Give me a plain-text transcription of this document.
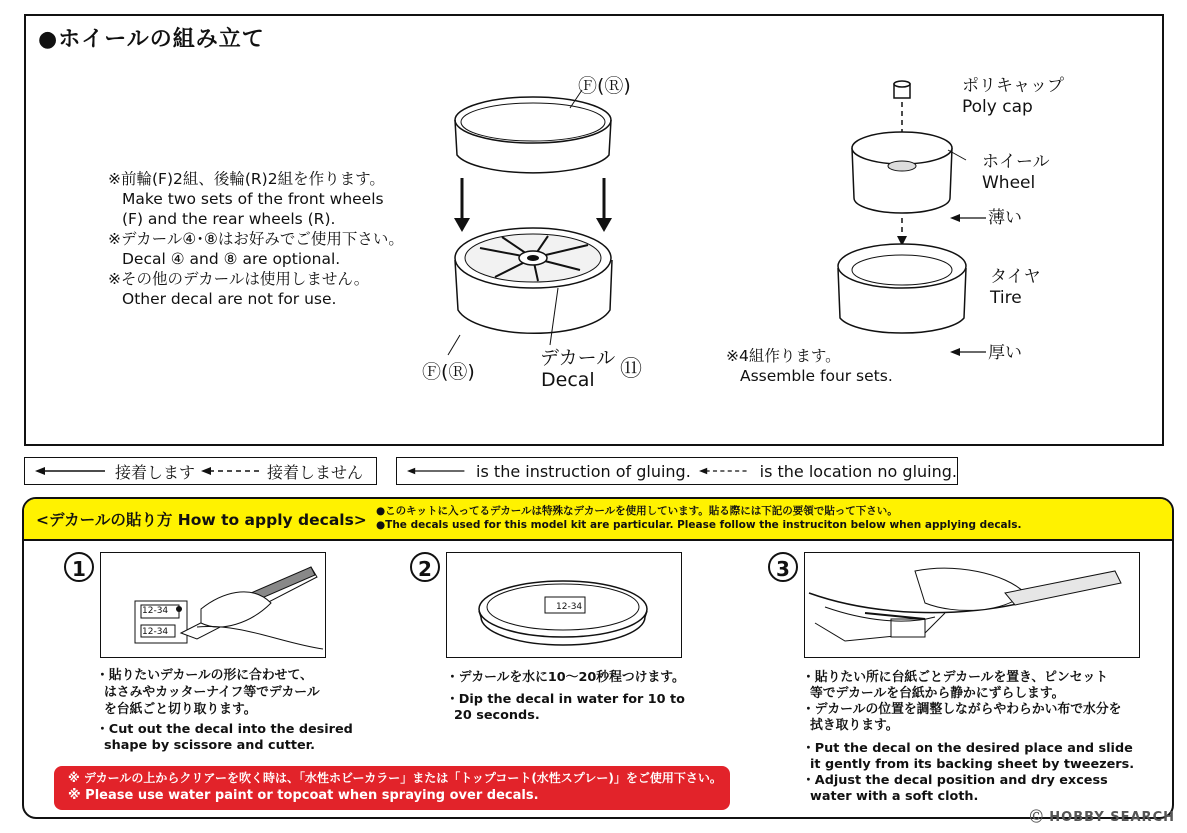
●ホイールの組み立て
※前輪(F)2組、後輪(R)2組を作ります。
Make two sets of the front wheels
(F) and the rear wheels (R).
※デカール④･⑧はお好みでご使用下さい。
Decal ④ and ⑧ are optional.
※その他のデカールは使用しません。
Other decal are not for use.
Ⓕ(Ⓡ)
Ⓕ(Ⓡ)
デカール
Decal ⑪
ポリキャップ
Poly cap
ホイール
Wheel
薄い
タイヤ
Tire
厚い
※4組作ります。
Assemble four sets.
接着します	接着しません	is the instruction of gluing.	is the location no gluing.
<デカールの貼り方 How to apply decals> ●このキットに入ってるデカールは特殊なデカールを使用しています。貼る際には下記の要領で貼って下さい。
●The decals used for this model kit are particular. Please follow the instruciton below when applying decals.
1
12-34
12-34
・貼りたいデカールの形に合わせて、
はさみやカッターナイフ等でデカール
を台紙ごと切り取ります。
・Cut out the decal into the desired
shape by scissore and cutter.
2
12-34
・デカールを水に10～20秒程つけます。
・Dip the decal in water for 10 to
20 seconds.
3
・貼りたい所に台紙ごとデカールを置き、ピンセット
等でデカールを台紙から静かにずらします。
・デカールの位置を調整しながらやわらかい布で水分を
拭き取ります。
・Put the decal on the desired place and slide
it gently from its backing sheet by tweezers.
・Adjust the decal position and dry excess
water with a soft cloth.
※ デカールの上からクリアーを吹く時は、「水性ホビーカラー」または「トップコート(水性スプレー)」をご使用下さい。
※ Please use water paint or topcoat when spraying over decals.
Ⓒ HOBBY SEARCH
